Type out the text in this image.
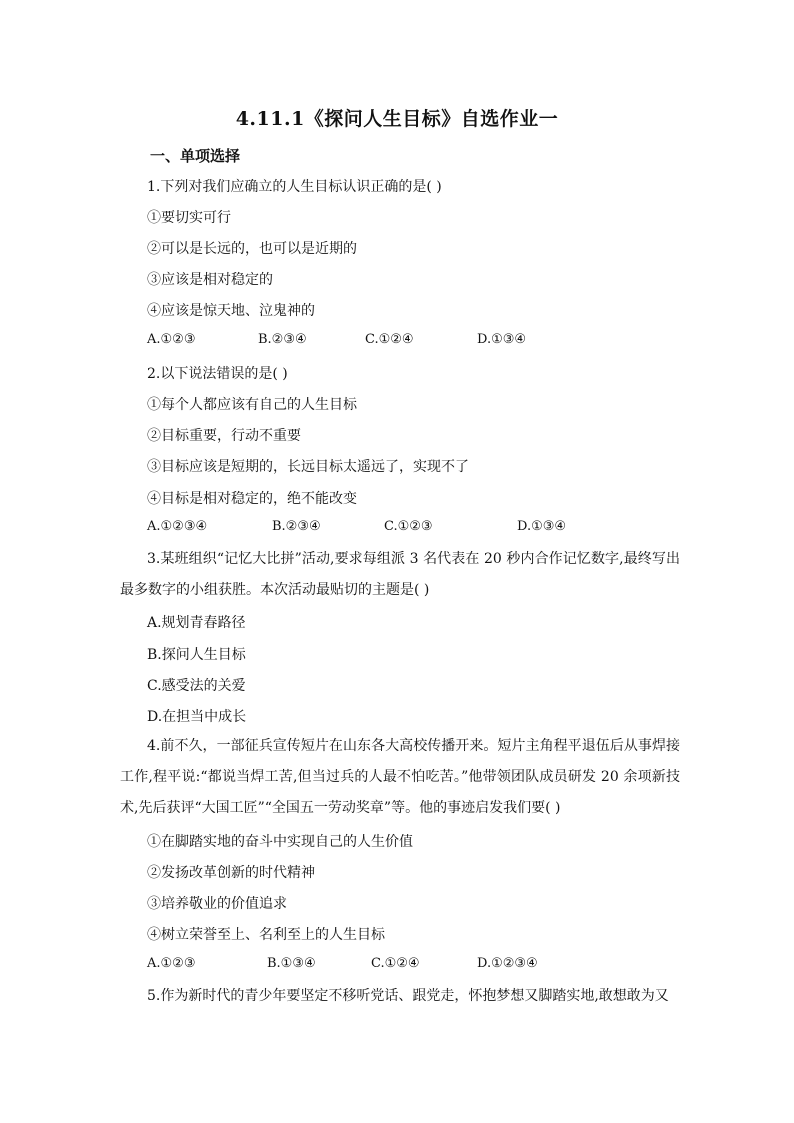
4.11.1《探问人生目标》自选作业一
一、单项选择
1.下列对我们应确立的人生目标认识正确的是( )
①要切实可行
②可以是长远的，也可以是近期的
③应该是相对稳定的
④应该是惊天地、泣鬼神的
A.①②③	B.②③④	C.①②④	D.①③④
2.以下说法错误的是( )
①每个人都应该有自己的人生目标
②目标重要，行动不重要
③目标应该是短期的，长远目标太遥远了，实现不了
④目标是相对稳定的，绝不能改变
A.①②③④	B.②③④	C.①②③	D.①③④
3.某班组织“记忆大比拼”活动,要求每组派 3 名代表在 20 秒内合作记忆数字,最终写出最多数字的小组获胜。本次活动最贴切的主题是( )
A.规划青春路径
B.探问人生目标
C.感受法的关爱
D.在担当中成长
4.前不久，一部征兵宣传短片在山东各大高校传播开来。短片主角程平退伍后从事焊接工作,程平说:“都说当焊工苦,但当过兵的人最不怕吃苦。”他带领团队成员研发 20 余项新技术,先后获评“大国工匠”“全国五一劳动奖章”等。他的事迹启发我们要( )
①在脚踏实地的奋斗中实现自己的人生价值
②发扬改革创新的时代精神
③培养敬业的价值追求
④树立荣誉至上、名利至上的人生目标
A.①②③	B.①③④	C.①②④	D.①②③④
5.作为新时代的青少年要坚定不移听党话、跟党走，怀抱梦想又脚踏实地,敢想敢为又
